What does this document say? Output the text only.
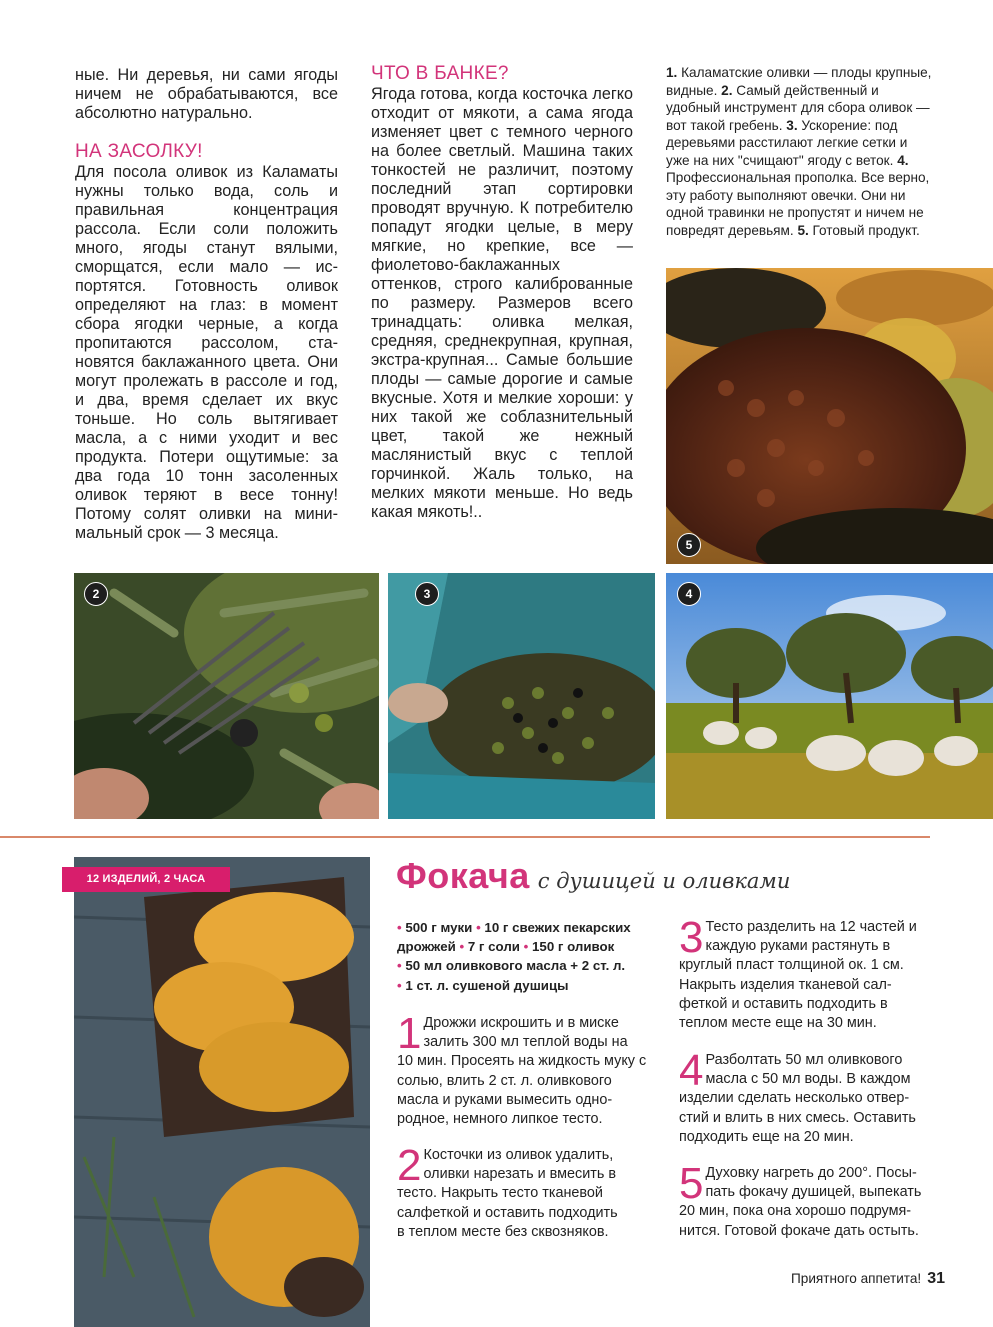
ные. Ни деревья, ни сами ягоды ничем не обрабатываются, все абсолютно натурально.

НА ЗАСОЛКУ!

Для посола оливок из Каламаты нужны только вода, соль и правильная концентрация рассола. Если соли положить много, ягоды станут вялыми, сморщатся, если мало — испортятся. Готовность оливок определяют на глаз: в момент сбора ягодки черные, а когда пропитаются рассолом, становятся баклажанного цвета. Они могут пролежать в рассоле и год, и два, время сделает их вкус тоньше. Но соль вытягивает масла, а с ними уходит и вес продукта. Потери ощутимые: за два года 10 тонн засоленных оливок теряют в весе тонну! Потому солят оливки на минимальный срок — 3 месяца.

ЧТО В БАНКЕ?

Ягода готова, когда косточка легко отходит от мякоти, а сама ягода изменяет цвет с темного черного на более светлый. Машина таких тонкостей не различит, поэтому последний этап сортировки проводят вручную. К потребителю попадут ягодки целые, в меру мягкие, но крепкие, все — фиолетово-баклажанных оттенков, строго калиброванные по размеру. Размеров всего тринадцать: оливка мелкая, средняя, среднекрупная, крупная, экстра-крупная... Самые большие плоды — самые дорогие и самые вкусные. Хотя и мелкие хороши: у них такой же соблазнительный цвет, такой же нежный маслянистый вкус с теплой горчинкой. Жаль только, на мелких мякоти меньше. Но ведь какая мякоть!..

1. Каламатские оливки — плоды крупные, видные. 2. Самый действенный и удобный инструмент для сбора оливок — вот такой гребень. 3. Ускорение: под деревьями расстилают легкие сетки и уже на них "счищают" ягоду с веток. 4. Профессиональная прополка. Все верно, эту работу выполняют овечки. Они ни одной травинки не пропустят и ничем не повредят деревьям. 5. Готовый продукт.
5
2	3	4
12 ИЗДЕЛИЙ, 2 ЧАСА	Фокача с душицей и оливками
• 500 г муки • 10 г свежих пекарских дрожжей • 7 г соли • 150 г оливок
• 50 мл оливкового масла + 2 ст. л.
• 1 ст. л. сушеной душицы
1 Дрожжи искрошить и в миске залить 300 мл теплой воды на 10 мин. Просеять на жидкость муку с солью, влить 2 ст. л. оливкового масла и руками вымесить однородное, немного липкое тесто.
2 Косточки из оливок удалить, оливки нарезать и вмесить в тесто. Накрыть тесто тканевой салфеткой и оставить подходить в теплом месте без сквозняков.
3 Тесто разделить на 12 частей и каждую руками растянуть в круглый пласт толщиной ок. 1 см. Накрыть изделия тканевой салфеткой и оставить подходить в теплом месте еще на 30 мин.
4 Разболтать 50 мл оливкового масла с 50 мл воды. В каждом изделии сделать несколько отверстий и влить в них смесь. Оставить подходить еще на 20 мин.
5 Духовку нагреть до 200°. Посыпать фокачу душицей, выпекать 20 мин, пока она хорошо подрумянится. Готовой фокаче дать остыть.
Приятного аппетита! 31
